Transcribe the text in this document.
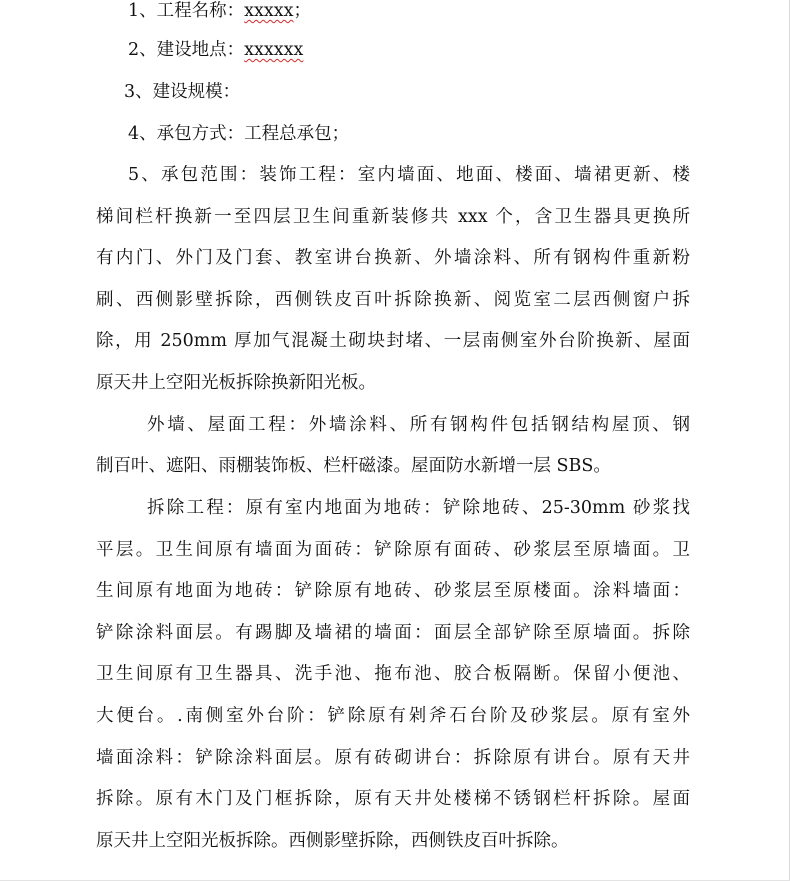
1、工程名称：xxxxx；
2、建设地点：xxxxxx
3、建设规模：
4、承包方式：工程总承包；
5、承包范围：装饰工程：室内墙面、地面、楼面、墙裙更新、楼
梯间栏杆换新一至四层卫生间重新装修共 xxx 个，含卫生器具更换所
有内门、外门及门套、教室讲台换新、外墙涂料、所有钢构件重新粉
刷、西侧影壁拆除，西侧铁皮百叶拆除换新、阅览室二层西侧窗户拆
除，用 250mm 厚加气混凝土砌块封堵、一层南侧室外台阶换新、屋面
原天井上空阳光板拆除换新阳光板。
外墙、屋面工程：外墙涂料、所有钢构件包括钢结构屋顶、钢
制百叶、遮阳、雨棚装饰板、栏杆磁漆。屋面防水新增一层 SBS。
拆除工程：原有室内地面为地砖：铲除地砖、25-30mm 砂浆找
平层。卫生间原有墙面为面砖：铲除原有面砖、砂浆层至原墙面。卫
生间原有地面为地砖：铲除原有地砖、砂浆层至原楼面。涂料墙面：
铲除涂料面层。有踢脚及墙裙的墙面：面层全部铲除至原墙面。拆除
卫生间原有卫生器具、洗手池、拖布池、胶合板隔断。保留小便池、
大便台。.南侧室外台阶：铲除原有剁斧石台阶及砂浆层。原有室外
墙面涂料：铲除涂料面层。原有砖砌讲台：拆除原有讲台。原有天井
拆除。原有木门及门框拆除，原有天井处楼梯不锈钢栏杆拆除。屋面
原天井上空阳光板拆除。西侧影壁拆除，西侧铁皮百叶拆除。
